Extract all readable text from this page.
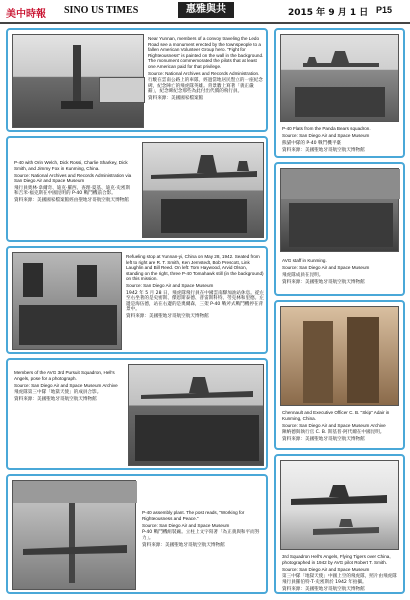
美中時報 SINO US TIMES	惠雅與共	2015 年 9 月 1 日 P15

Near Yunnan, members of a convoy traveling the Ledo Road see a monument erected by the townspeople to a fallen American Volunteer Group hero. "Fight for Righteousness" is painted on the wall in the background. The monument commemorated the pilots that at least one American paid for that privilege.

Source: National Archives and Records Administration.

行駛在雲南公路上的車隊，經過當地居民豎立的一座紀念碑，紀念陣亡的飛虎隊英雄。背景牆上寫著「義正嚴辭」，紀念碑紀念那些為此付出代價的飛行員。

資料來源：美國國家檔案館

P-40 Flats from the Panda Bears squadron.

Source: San Diego Air and Space Museum

熊貓中隊的 P-40 戰鬥機平臺

資料來源：美國聖地牙哥航空航天博物館

P-40 with Orin Welch, Dick Rossi, Charlie Sharkey, Dick Smith, and Jimmy Fox in Kunming, China.

Source: National Archives and Records Administration via San Diego Air and Space Museum

飛行員奧林·韋爾奇、迪克·羅西、查理·夏基、迪克·史密斯和吉米·福克斯在中國昆明的 P-40 戰鬥機前合影。

資料來源：美國國家檔案館經由聖地牙哥航空航天博物館

AVG staff in Kunming.

Source: San Diego Air and Space Museum

飛虎隊成員在昆明。

資料來源：美國聖地牙哥航空航天博物館

Refueling stop at Yunnan-yi, China on May 28, 1942. Seated from left to right are R. T. Smith, Ken Jernstedt, Bob Prescott, Link Laughlin and Bill Reed. On left: Tom Haywood, Arvid Olson, standing on the right, three P-40 Tomahawk still (in the background) on this mission.

Source: San Diego Air and Space Museum

1942 年 5 月 28 日，飛虎隊飛行員在中國雲南驛加油站休息。從左至右坐著的是史密斯、傑恩斯泰德、普雷斯科特、勞克林和里德。左邊是海伍德，站在右邊的是奧爾森，三架 P-40 戰斧式戰鬥機停在背景中。

資料來源：美國聖地牙哥航空航天博物館

Chennault and Executive Officer C. B. "Skip" Adair in Kunming, China.

Source: San Diego Air and Space Museum Archive

陳納德與執行官 C. B. 斯基普·阿代爾在中國昆明。

資料來源：美國聖地牙哥航空航天博物館

Members of the AVG 3rd Pursuit Squadron, Hell's Angels, pose for a photograph.

Source: San Diego Air and Space Museum Archive

飛虎隊第三中隊「地獄天使」的成員合影。

資料來源：美國聖地牙哥航空航天博物館

P-40 assembly plant. The post reads, "Working for Righteousness and Peace."

Source: San Diego Air and Space Museum

P-40 戰鬥機組裝廠。立柱上文字寫著「為正義與和平而努力」。

資料來源：美國聖地牙哥航空航天博物館

3rd Squadron Hell's Angels, Flying Tigers over China, photographed in 1942 by AVG pilot Robert T. Smith.

Source: San Diego Air and Space Museum

第三中隊「地獄天使」中國上空的飛虎隊，照片由飛虎隊飛行員羅伯特·T·史密斯於 1942 年拍攝。

資料來源：美國聖地牙哥航空航天博物館
